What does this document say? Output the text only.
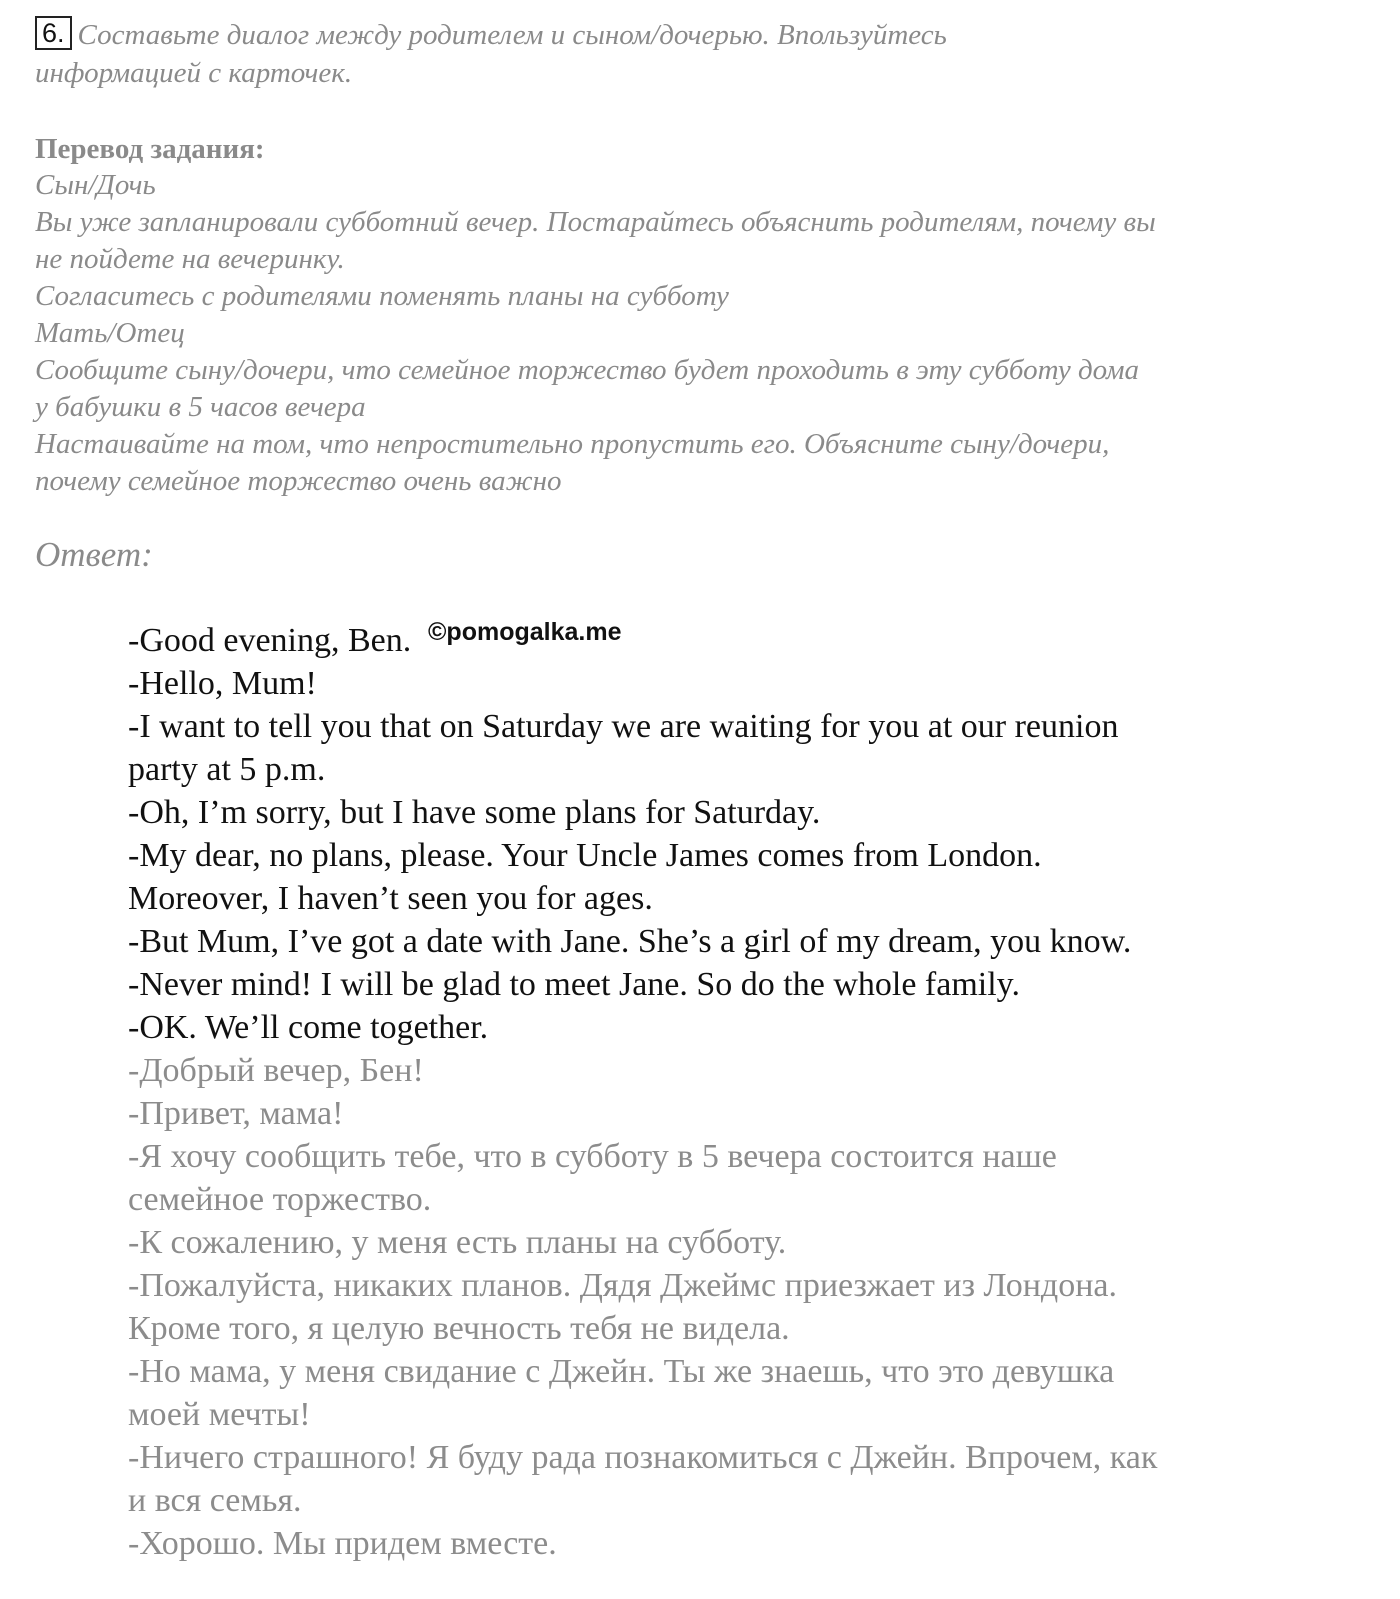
6. Составьте диалог между родителем и сыном/дочерью. Впользуйтесь
информацией с карточек.
Перевод задания:
Сын/Дочь
Вы уже запланировали субботний вечер. Постарайтесь объяснить родителям, почему вы
не пойдете на вечеринку.
Согласитесь с родителями поменять планы на субботу
Мать/Отец
Сообщите сыну/дочери, что семейное торжество будет проходить в эту субботу дома
у бабушки в 5 часов вечера
Настаивайте на том, что непростительно пропустить его. Объясните сыну/дочери,
почему семейное торжество очень важно
Ответ:
-Good evening, Ben.
-Hello, Mum!
-I want to tell you that on Saturday we are waiting for you at our reunion
party at 5 p.m.
-Oh, I’m sorry, but I have some plans for Saturday.
-My dear, no plans, please. Your Uncle James comes from London.
Moreover, I haven’t seen you for ages.
-But Mum, I’ve got a date with Jane. She’s a girl of my dream, you know.
-Never mind! I will be glad to meet Jane. So do the whole family.
-OK. We’ll come together.
-Добрый вечер, Бен!
-Привет, мама!
-Я хочу сообщить тебе, что в субботу в 5 вечера состоится наше
семейное торжество.
-К сожалению, у меня есть планы на субботу.
-Пожалуйста, никаких планов. Дядя Джеймс приезжает из Лондона.
Кроме того, я целую вечность тебя не видела.
-Но мама, у меня свидание с Джейн. Ты же знаешь, что это девушка
моей мечты!
-Ничего страшного! Я буду рада познакомиться с Джейн. Впрочем, как
и вся семья.
-Хорошо. Мы придем вместе.
©pomogalka.me
